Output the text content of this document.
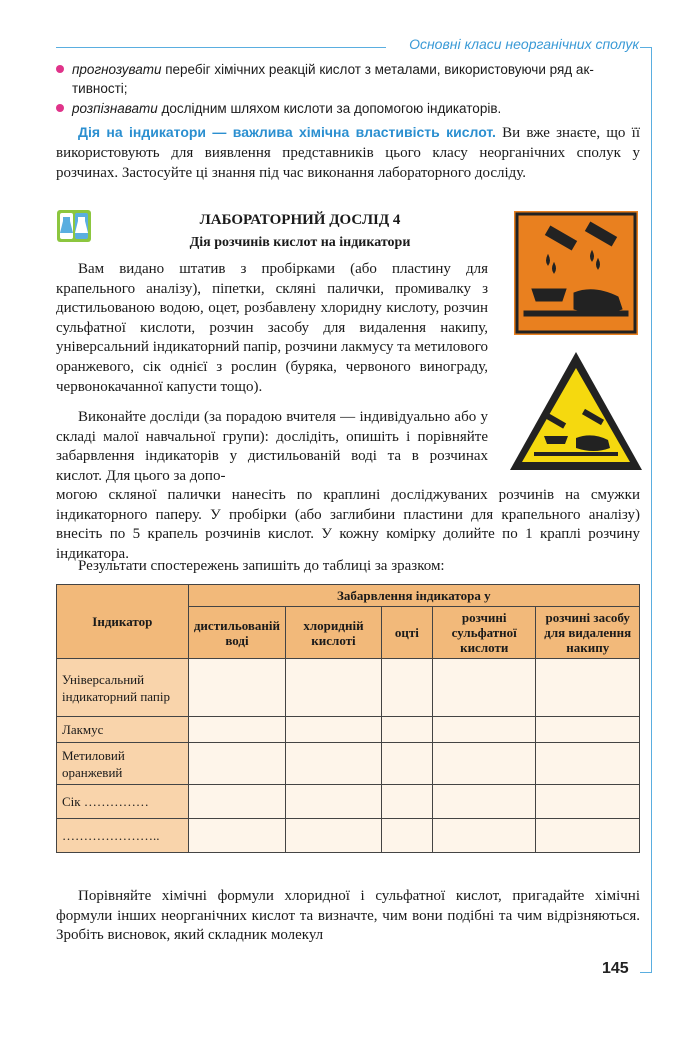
Основні класи неорганічних сполук
прогнозувати перебіг хімічних реакцій кислот з металами, використовуючи ряд ак-
тивності;
розпізнавати дослідним шляхом кислоти за допомогою індикаторів.

Дія на індикатори — важлива хімічна властивість кислот. Ви вже знаєте, що її використовують для виявлення представників цього класу неорганічних сполук у розчинах. Застосуйте ці знання під час виконання лабораторного досліду.

ЛАБОРАТОРНИЙ ДОСЛІД 4
Дія розчинів кислот на індикатори

Вам видано штатив з пробірками (або пластину для крапельного аналізу), піпетки, скляні палички, промивалку з дистильованою водою, оцет, розбавлену хлоридну кислоту, розчин сульфатної кислоти, розчин засобу для видалення накипу, універсальний індикаторний папір, розчини лакмусу та метилового оранжевого, сік однієї з рослин (буряка, червоного винограду, червонокачанної капусти тощо).

Виконайте досліди (за порадою вчителя — індивідуально або у складі малої навчальної групи): дослідіть, опишіть і порівняйте забарвлення індикаторів у дистильованій воді та в розчинах кислот. Для цього за допо-

могою скляної палички нанесіть по краплині досліджуваних розчинів на смужки індикаторного паперу. У пробірки (або заглибини пластини для крапельного аналізу) внесіть по 5 крапель розчинів кислот. У кожну комірку долийте по 1 краплі розчину індикатора.

Результати спостережень запишіть до таблиці за зразком:

Індикатор	Забарвлення індикатора у				
	дистильованій воді	хлоридній кислоті	оцті	розчині сульфатної кислоти	розчині засобу для видалення накипу
Універсальний індикаторний папір					
Лакмус					
Метиловий оранжевий					
Сік ……………					
…………………..					

Порівняйте хімічні формули хлоридної і сульфатної кислот, пригадайте хімічні формули інших неорганічних кислот та визначте, чим вони подібні та чим відрізняються. Зробіть висновок, який складник молекул

145
